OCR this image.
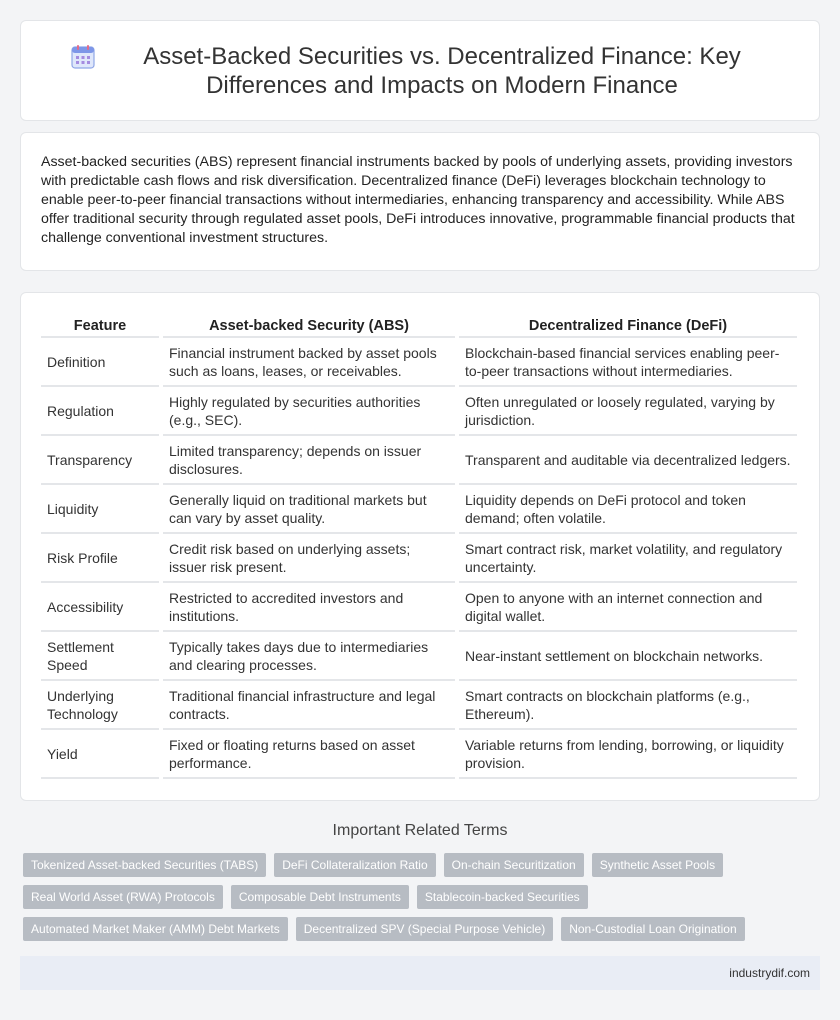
Asset-Backed Securities vs. Decentralized Finance: Key Differences and Impacts on Modern Finance

Asset-backed securities (ABS) represent financial instruments backed by pools of underlying assets, providing investors with predictable cash flows and risk diversification. Decentralized finance (DeFi) leverages blockchain technology to enable peer-to-peer financial transactions without intermediaries, enhancing transparency and accessibility. While ABS offer traditional security through regulated asset pools, DeFi introduces innovative, programmable financial products that challenge conventional investment structures.

Feature	Asset-backed Security (ABS)	Decentralized Finance (DeFi)
Definition	Financial instrument backed by asset pools such as loans, leases, or receivables.	Blockchain-based financial services enabling peer-to-peer transactions without intermediaries.
Regulation	Highly regulated by securities authorities (e.g., SEC).	Often unregulated or loosely regulated, varying by jurisdiction.
Transparency	Limited transparency; depends on issuer disclosures.	Transparent and auditable via decentralized ledgers.
Liquidity	Generally liquid on traditional markets but can vary by asset quality.	Liquidity depends on DeFi protocol and token demand; often volatile.
Risk Profile	Credit risk based on underlying assets; issuer risk present.	Smart contract risk, market volatility, and regulatory uncertainty.
Accessibility	Restricted to accredited investors and institutions.	Open to anyone with an internet connection and digital wallet.
Settlement Speed	Typically takes days due to intermediaries and clearing processes.	Near-instant settlement on blockchain networks.
Underlying Technology	Traditional financial infrastructure and legal contracts.	Smart contracts on blockchain platforms (e.g., Ethereum).
Yield	Fixed or floating returns based on asset performance.	Variable returns from lending, borrowing, or liquidity provision.
Important Related Terms
Tokenized Asset-backed Securities (TABS)	DeFi Collateralization Ratio	On-chain Securitization	Synthetic Asset Pools
Real World Asset (RWA) Protocols	Composable Debt Instruments	Stablecoin-backed Securities
Automated Market Maker (AMM) Debt Markets	Decentralized SPV (Special Purpose Vehicle)	Non-Custodial Loan Origination
industrydif.com
